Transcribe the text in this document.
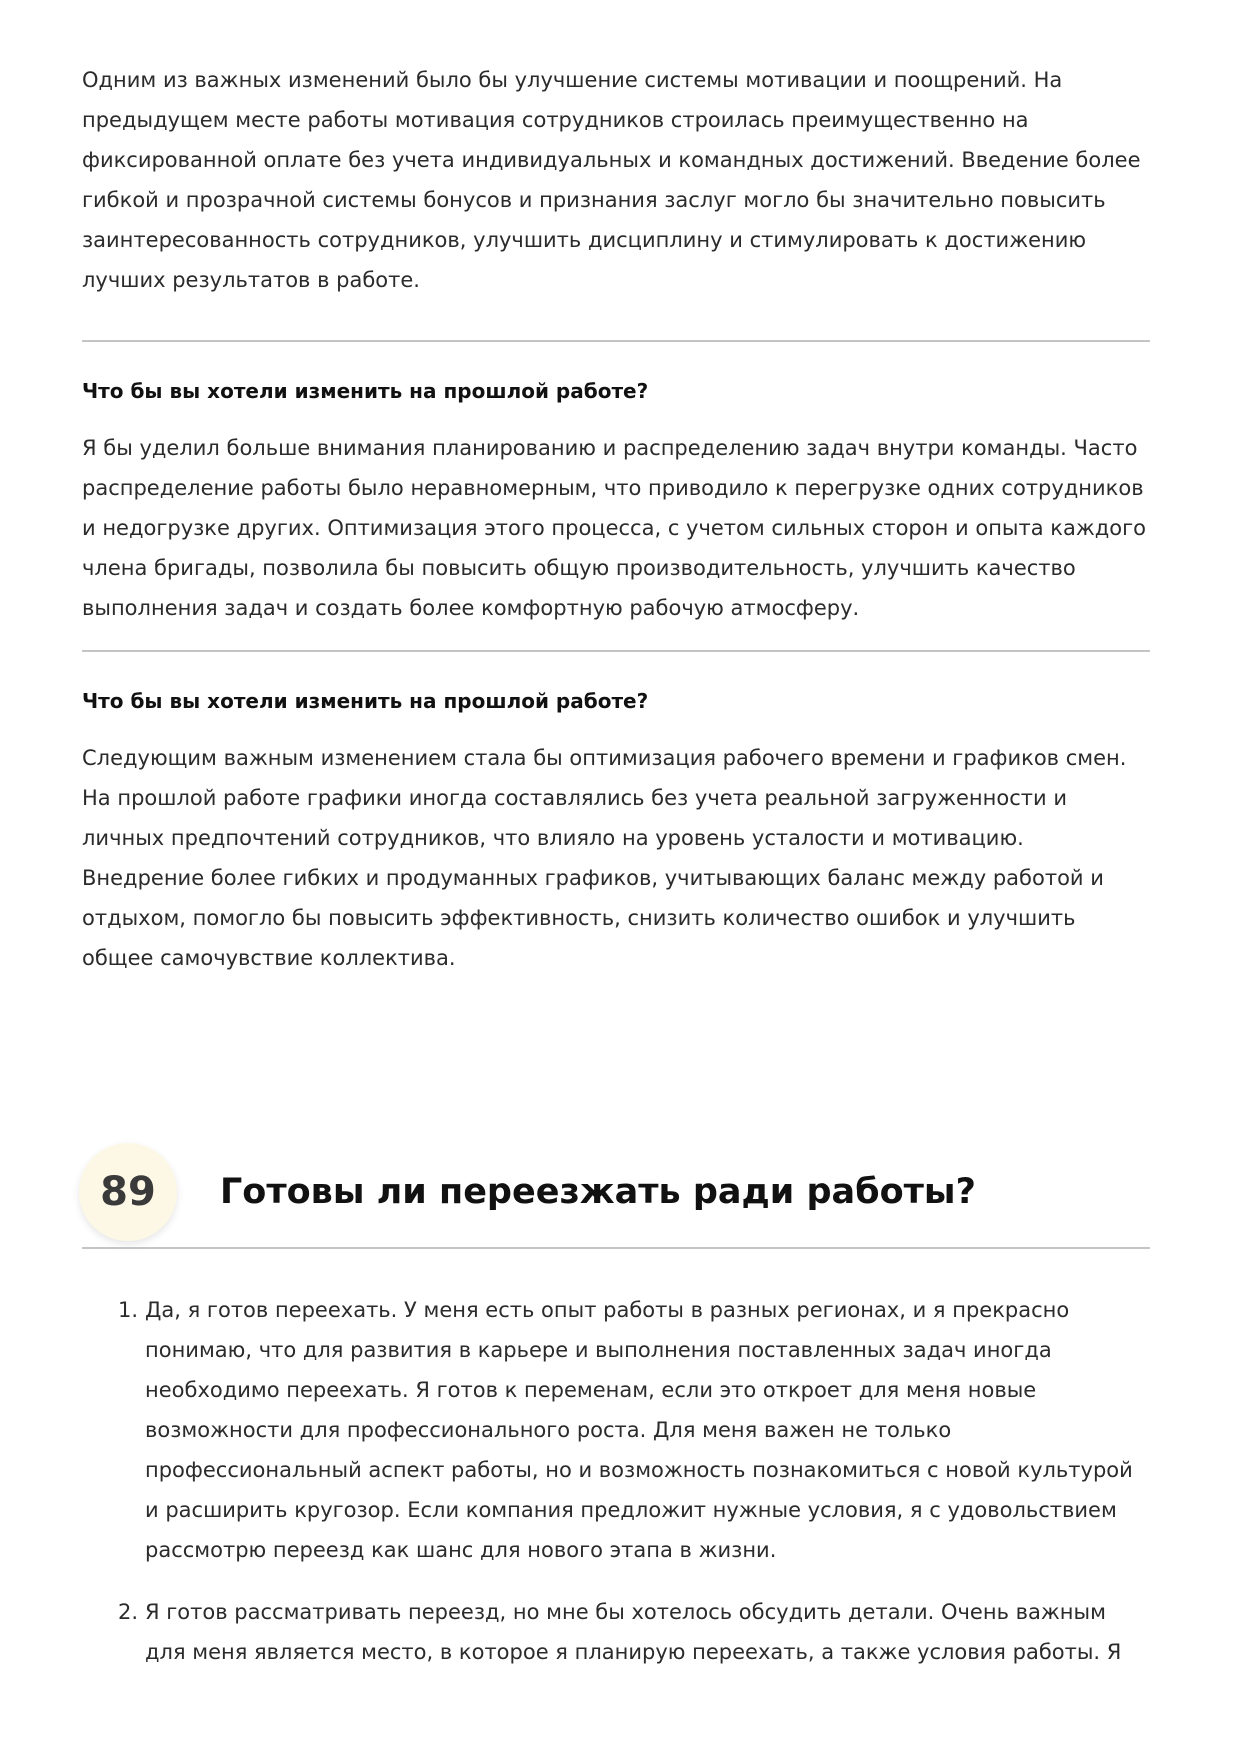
Одним из важных изменений было бы улучшение системы мотивации и поощрений. На предыдущем месте работы мотивация сотрудников строилась преимущественно на фиксированной оплате без учета индивидуальных и командных достижений. Введение более гибкой и прозрачной системы бонусов и признания заслуг могло бы значительно повысить заинтересованность сотрудников, улучшить дисциплину и стимулировать к достижению лучших результатов в работе.

Что бы вы хотели изменить на прошлой работе?

Я бы уделил больше внимания планированию и распределению задач внутри команды. Часто распределение работы было неравномерным, что приводило к перегрузке одних сотрудников и недогрузке других. Оптимизация этого процесса, с учетом сильных сторон и опыта каждого члена бригады, позволила бы повысить общую производительность, улучшить качество выполнения задач и создать более комфортную рабочую атмосферу.

Что бы вы хотели изменить на прошлой работе?

Следующим важным изменением стала бы оптимизация рабочего времени и графиков смен. На прошлой работе графики иногда составлялись без учета реальной загруженности и личных предпочтений сотрудников, что влияло на уровень усталости и мотивацию. Внедрение более гибких и продуманных графиков, учитывающих баланс между работой и отдыхом, помогло бы повысить эффективность, снизить количество ошибок и улучшить общее самочувствие коллектива.

89	Готовы ли переезжать ради работы?
1. Да, я готов переехать. У меня есть опыт работы в разных регионах, и я прекрасно понимаю, что для развития в карьере и выполнения поставленных задач иногда необходимо переехать. Я готов к переменам, если это откроет для меня новые возможности для профессионального роста. Для меня важен не только профессиональный аспект работы, но и возможность познакомиться с новой культурой и расширить кругозор. Если компания предложит нужные условия, я с удовольствием рассмотрю переезд как шанс для нового этапа в жизни.
2. Я готов рассматривать переезд, но мне бы хотелось обсудить детали. Очень важным для меня является место, в которое я планирую переехать, а также условия работы. Я
